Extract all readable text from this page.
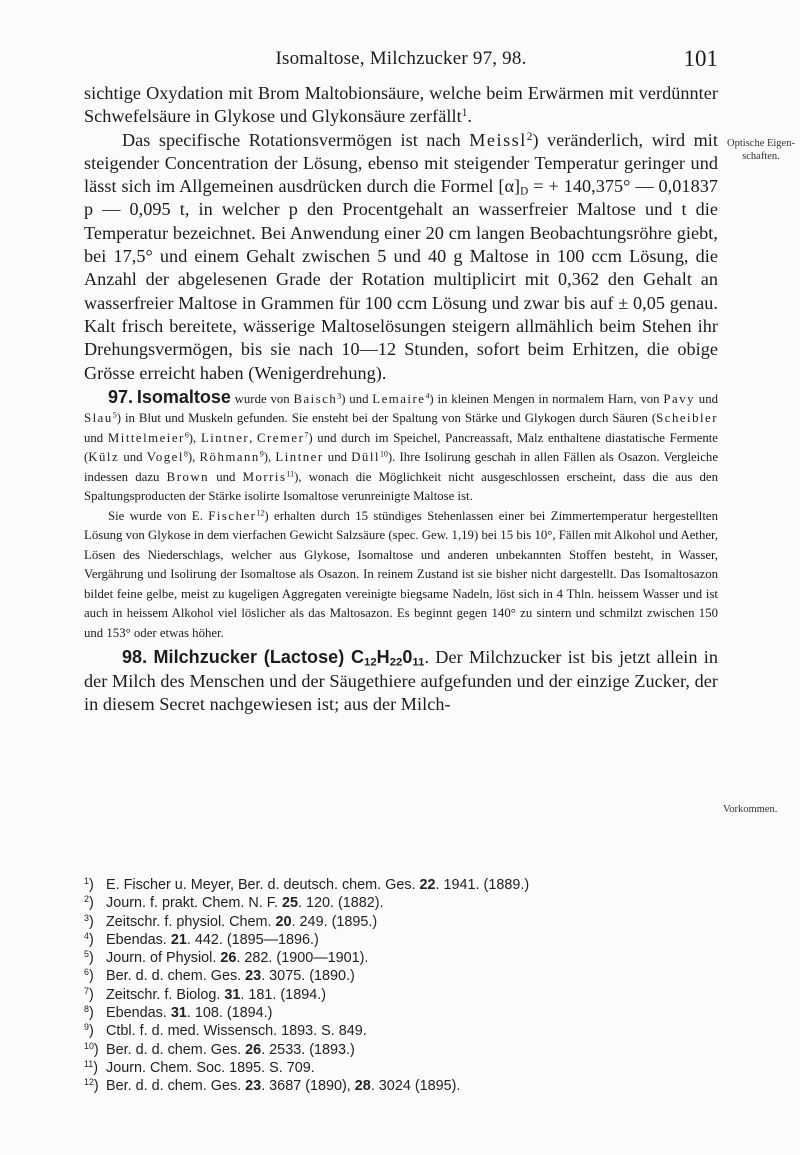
Isomaltose, Milchzucker 97, 98.	101
Optische Eigen-
schaften.
Vorkommen.

sichtige Oxydation mit Brom Maltobionsäure, welche beim Erwärmen mit verdünnter Schwefelsäure in Glykose und Glykonsäure zerfällt$^1$.

Das specifische Rotationsvermögen ist nach Meissl$^2$) veränderlich, wird mit steigender Concentration der Lösung, ebenso mit steigender Temperatur geringer und lässt sich im Allgemeinen ausdrücken durch die Formel $[\alpha]_D$ = + 140,375° — 0,01837 p — 0,095 t, in welcher p den Procentgehalt an wasserfreier Maltose und t die Temperatur bezeichnet. Bei Anwendung einer 20 cm langen Beobachtungsröhre giebt, bei 17,5° und einem Gehalt zwischen 5 und 40 g Maltose in 100 ccm Lösung, die Anzahl der abgelesenen Grade der Rotation multiplicirt mit 0,362 den Gehalt an wasserfreier Maltose in Grammen für 100 ccm Lösung und zwar bis auf ± 0,05 genau. Kalt frisch bereitete, wässerige Maltoselösungen steigern allmählich beim Stehen ihr Drehungsvermögen, bis sie nach 10—12 Stunden, sofort beim Erhitzen, die obige Grösse erreicht haben (Wenigerdrehung).

97. Isomaltose wurde von Baisch$^3$) und Lemaire$^4$) in kleinen Mengen in normalem Harn, von Pavy und Slau$^5$) in Blut und Muskeln gefunden. Sie ensteht bei der Spaltung von Stärke und Glykogen durch Säuren (Scheibler und Mittelmeier$^6$), Lintner, Cremer$^7$) und durch im Speichel, Pancreassaft, Malz enthaltene diastatische Fermente (Külz und Vogel$^8$), Röhmann$^9$), Lintner und Düll$^{10}$). Ihre Isolirung geschah in allen Fällen als Osazon. Vergleiche indessen dazu Brown und Morris$^{11}$), wonach die Möglichkeit nicht ausgeschlossen erscheint, dass die aus den Spaltungsproducten der Stärke isolirte Isomaltose verunreinigte Maltose ist.

Sie wurde von E. Fischer$^{12}$) erhalten durch 15 stündiges Stehenlassen einer bei Zimmertemperatur hergestellten Lösung von Glykose in dem vierfachen Gewicht Salzsäure (spec. Gew. 1,19) bei 15 bis 10°, Fällen mit Alkohol und Aether, Lösen des Niederschlags, welcher aus Glykose, Isomaltose und anderen unbekannten Stoffen besteht, in Wasser, Vergährung und Isolirung der Isomaltose als Osazon. In reinem Zustand ist sie bisher nicht dargestellt. Das Isomaltosazon bildet feine gelbe, meist zu kugeligen Aggregaten vereinigte biegsame Nadeln, löst sich in 4 Thln. heissem Wasser und ist auch in heissem Alkohol viel löslicher als das Maltosazon. Es beginnt gegen 140° zu sintern und schmilzt zwischen 150 und 153° oder etwas höher.

98. Milchzucker (Lactose) $C_{12}H_{22}0_{11}$. Der Milchzucker ist bis jetzt allein in der Milch des Menschen und der Säugethiere aufgefunden und der einzige Zucker, der in diesem Secret nachgewiesen ist; aus der Milch-

$^1$) E. Fischer u. Meyer, Ber. d. deutsch. chem. Ges. 22. 1941. (1889.)

$^2$) Journ. f. prakt. Chem. N. F. 25. 120. (1882).

$^3$) Zeitschr. f. physiol. Chem. 20. 249. (1895.)

$^4$) Ebendas. 21. 442. (1895—1896.)

$^5$) Journ. of Physiol. 26. 282. (1900—1901).

$^6$) Ber. d. d. chem. Ges. 23. 3075. (1890.)

$^7$) Zeitschr. f. Biolog. 31. 181. (1894.)

$^8$) Ebendas. 31. 108. (1894.)

$^9$) Ctbl. f. d. med. Wissensch. 1893. S. 849.

$^{10}$) Ber. d. d. chem. Ges. 26. 2533. (1893.)

$^{11}$) Journ. Chem. Soc. 1895. S. 709.

$^{12}$) Ber. d. d. chem. Ges. 23. 3687 (1890), 28. 3024 (1895).
